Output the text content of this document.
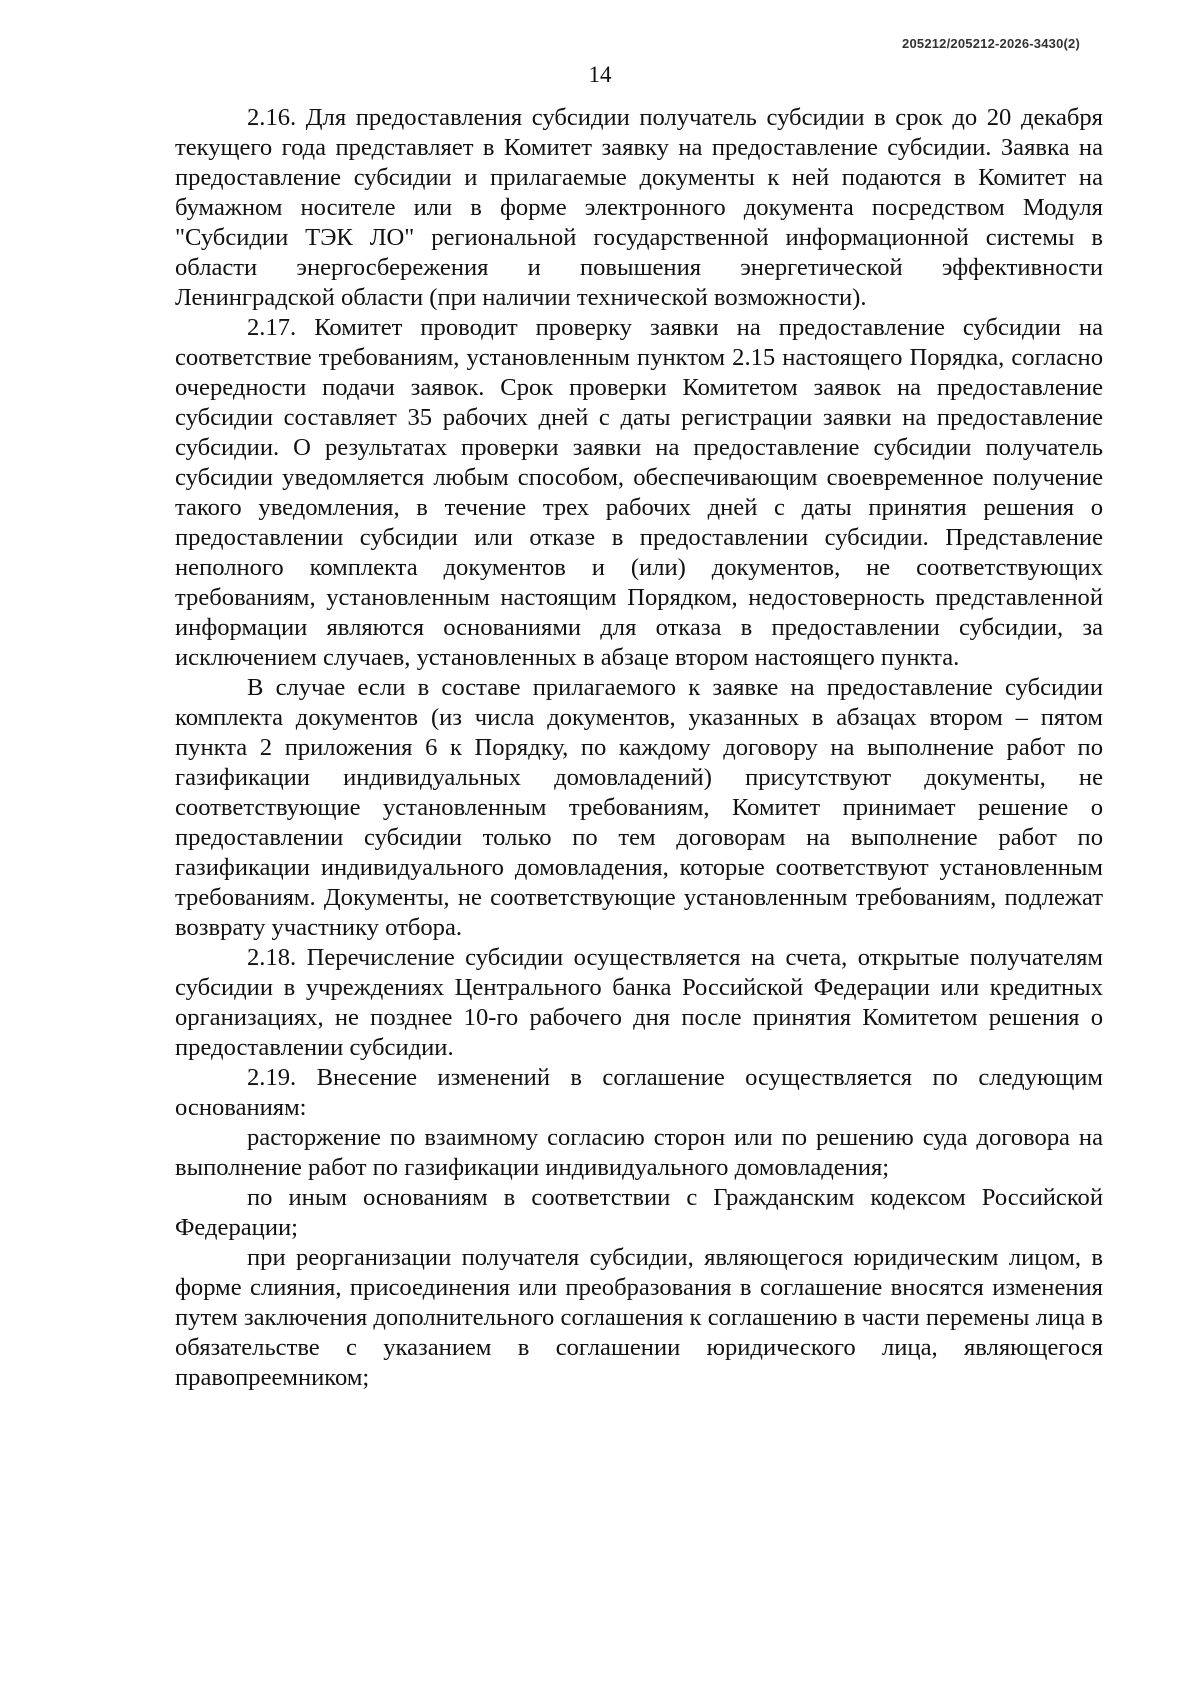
205212/205212-2026-3430(2)
14

2.16. Для предоставления субсидии получатель субсидии в срок до 20 декабря текущего года представляет в Комитет заявку на предоставление субсидии. Заявка на предоставление субсидии и прилагаемые документы к ней подаются в Комитет на бумажном носителе или в форме электронного документа посредством Модуля "Субсидии ТЭК ЛО" региональной государственной информационной системы в области энергосбережения и повышения энергетической эффективности Ленинградской области (при наличии технической возможности).

2.17. Комитет проводит проверку заявки на предоставление субсидии на соответствие требованиям, установленным пунктом 2.15 настоящего Порядка, согласно очередности подачи заявок. Срок проверки Комитетом заявок на предоставление субсидии составляет 35 рабочих дней с даты регистрации заявки на предоставление субсидии. О результатах проверки заявки на предоставление субсидии получатель субсидии уведомляется любым способом, обеспечивающим своевременное получение такого уведомления, в течение трех рабочих дней с даты принятия решения о предоставлении субсидии или отказе в предоставлении субсидии. Представление неполного комплекта документов и (или) документов, не соответствующих требованиям, установленным настоящим Порядком, недостоверность представленной информации являются основаниями для отказа в предоставлении субсидии, за исключением случаев, установленных в абзаце втором настоящего пункта.

В случае если в составе прилагаемого к заявке на предоставление субсидии комплекта документов (из числа документов, указанных в абзацах втором – пятом пункта 2 приложения 6 к Порядку, по каждому договору на выполнение работ по газификации индивидуальных домовладений) присутствуют документы, не соответствующие установленным требованиям, Комитет принимает решение о предоставлении субсидии только по тем договорам на выполнение работ по газификации индивидуального домовладения, которые соответствуют установленным требованиям. Документы, не соответствующие установленным требованиям, подлежат возврату участнику отбора.

2.18. Перечисление субсидии осуществляется на счета, открытые получателям субсидии в учреждениях Центрального банка Российской Федерации или кредитных организациях, не позднее 10-го рабочего дня после принятия Комитетом решения о предоставлении субсидии.

2.19. Внесение изменений в соглашение осуществляется по следующим основаниям:

расторжение по взаимному согласию сторон или по решению суда договора на выполнение работ по газификации индивидуального домовладения;

по иным основаниям в соответствии с Гражданским кодексом Российской Федерации;

при реорганизации получателя субсидии, являющегося юридическим лицом, в форме слияния, присоединения или преобразования в соглашение вносятся изменения путем заключения дополнительного соглашения к соглашению в части перемены лица в обязательстве с указанием в соглашении юридического лица, являющегося правопреемником;
